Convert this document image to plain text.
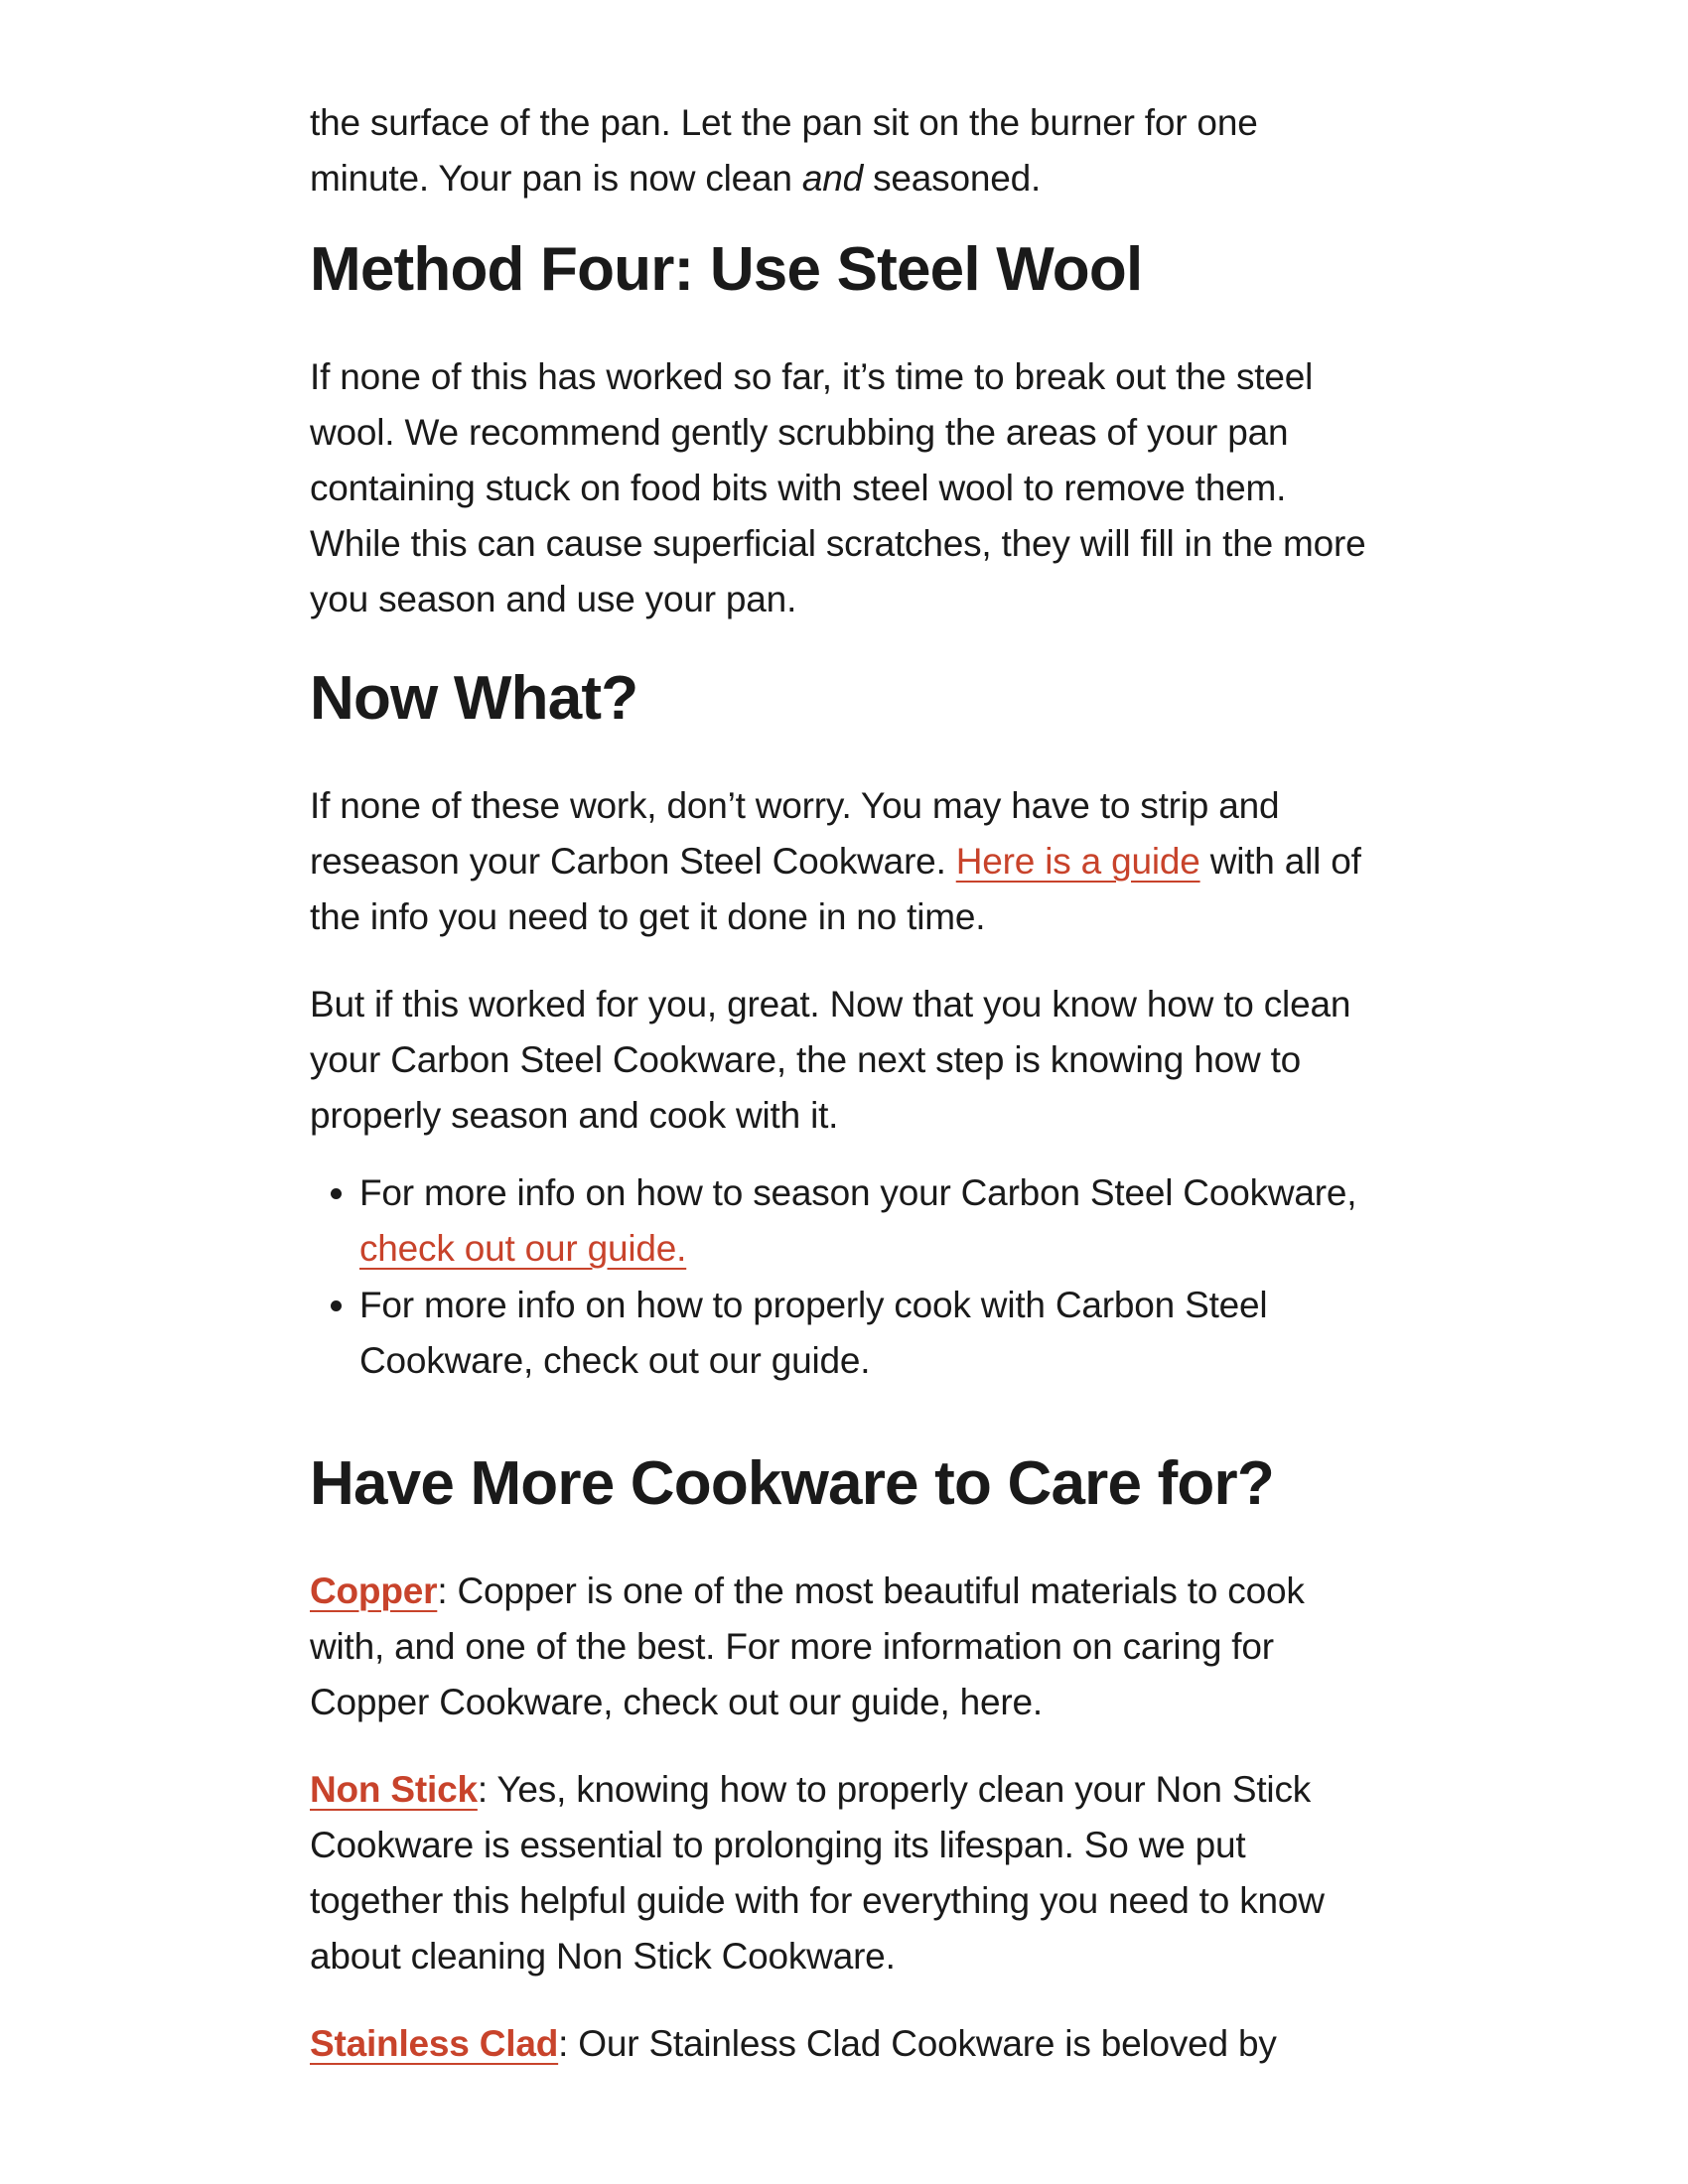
the surface of the pan. Let the pan sit on the burner for one minute. Your pan is now clean and seasoned.

Method Four: Use Steel Wool

If none of this has worked so far, it’s time to break out the steel wool. We recommend gently scrubbing the areas of your pan containing stuck on food bits with steel wool to remove them. While this can cause superficial scratches, they will fill in the more you season and use your pan.

Now What?

If none of these work, don’t worry. You may have to strip and reseason your Carbon Steel Cookware. Here is a guide with all of the info you need to get it done in no time.

But if this worked for you, great. Now that you know how to clean your Carbon Steel Cookware, the next step is knowing how to properly season and cook with it.

• For more info on how to season your Carbon Steel Cookware, check out our guide.
• For more info on how to properly cook with Carbon Steel Cookware, check out our guide.
Have More Cookware to Care for?

Copper: Copper is one of the most beautiful materials to cook with, and one of the best. For more information on caring for Copper Cookware, check out our guide, here.

Non Stick: Yes, knowing how to properly clean your Non Stick Cookware is essential to prolonging its lifespan. So we put together this helpful guide with for everything you need to know about cleaning Non Stick Cookware.

Stainless Clad: Our Stainless Clad Cookware is beloved by
